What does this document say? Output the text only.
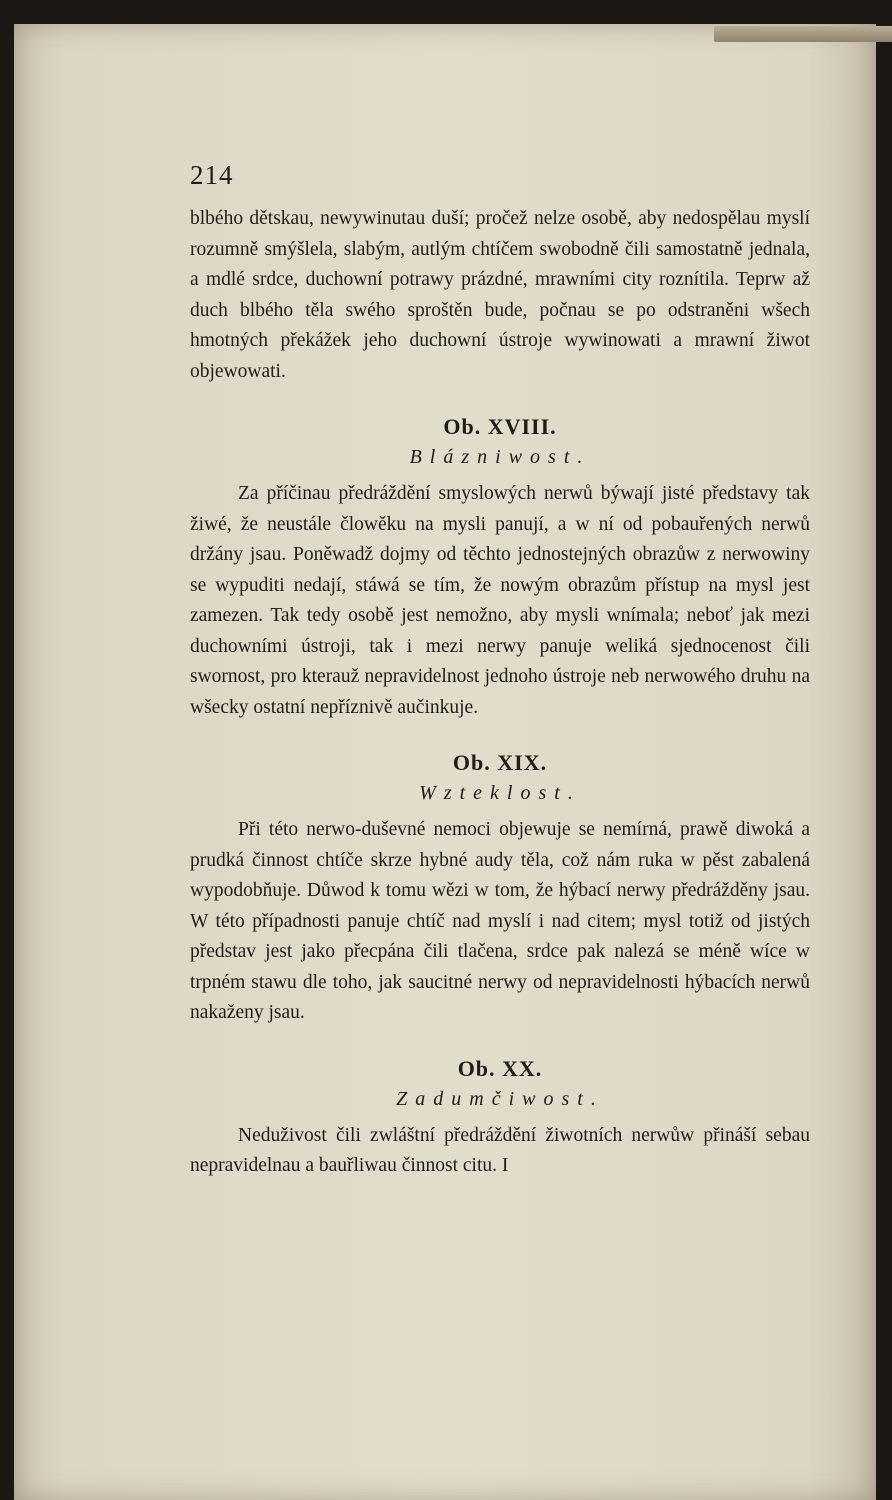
214

blbého dětskau, newywinutau duší; pročež nelze osobě, aby nedospělau myslí rozumně smýšlela, slabým, autlým chtíčem swobodně čili samostatně jednala, a mdlé srdce, duchowní potrawy prázdné, mrawními city roznítila. Teprw až duch blbého těla swého sproštěn bude, počnau se po odstraněni wšech hmotných překážek jeho duchowní ústroje wywinowati a mrawní žiwot objewowati.

Ob. XVIII.
Blázniwost.

Za příčinau předráždění smyslowých nerwů býwají jisté představy tak žiwé, že neustále člowěku na mysli panují, a w ní od pobauřených nerwů držány jsau. Poněwadž dojmy od těchto jednostejných obrazůw z nerwowiny se wypuditi nedají, stáwá se tím, že nowým obrazům přístup na mysl jest zamezen. Tak tedy osobě jest nemožno, aby mysli wnímala; neboť jak mezi duchowními ústroji, tak i mezi nerwy panuje weliká sjednocenost čili swornost, pro kterauž nepravidelnost jednoho ústroje neb nerwowého druhu na wšecky ostatní nepříznivě aučinkuje.

Ob. XIX.
Wzteklost.

Při této nerwo-duševné nemoci objewuje se nemírná, prawě diwoká a prudká činnost chtíče skrze hybné audy těla, což nám ruka w pěst zabalená wypodobňuje. Důwod k tomu wězi w tom, že hýbací nerwy předrážděny jsau. W této případnosti panuje chtíč nad myslí i nad citem; mysl totiž od jistých představ jest jako přecpána čili tlačena, srdce pak nalezá se méně wíce w trpném stawu dle toho, jak saucitné nerwy od nepravidelnosti hýbacích nerwů nakaženy jsau.

Ob. XX.
Zadumčiwost.

Neduživost čili zwláštní předráždění žiwotních nerwůw přináší sebau nepravidelnau a bauřliwau činnost citu. I
